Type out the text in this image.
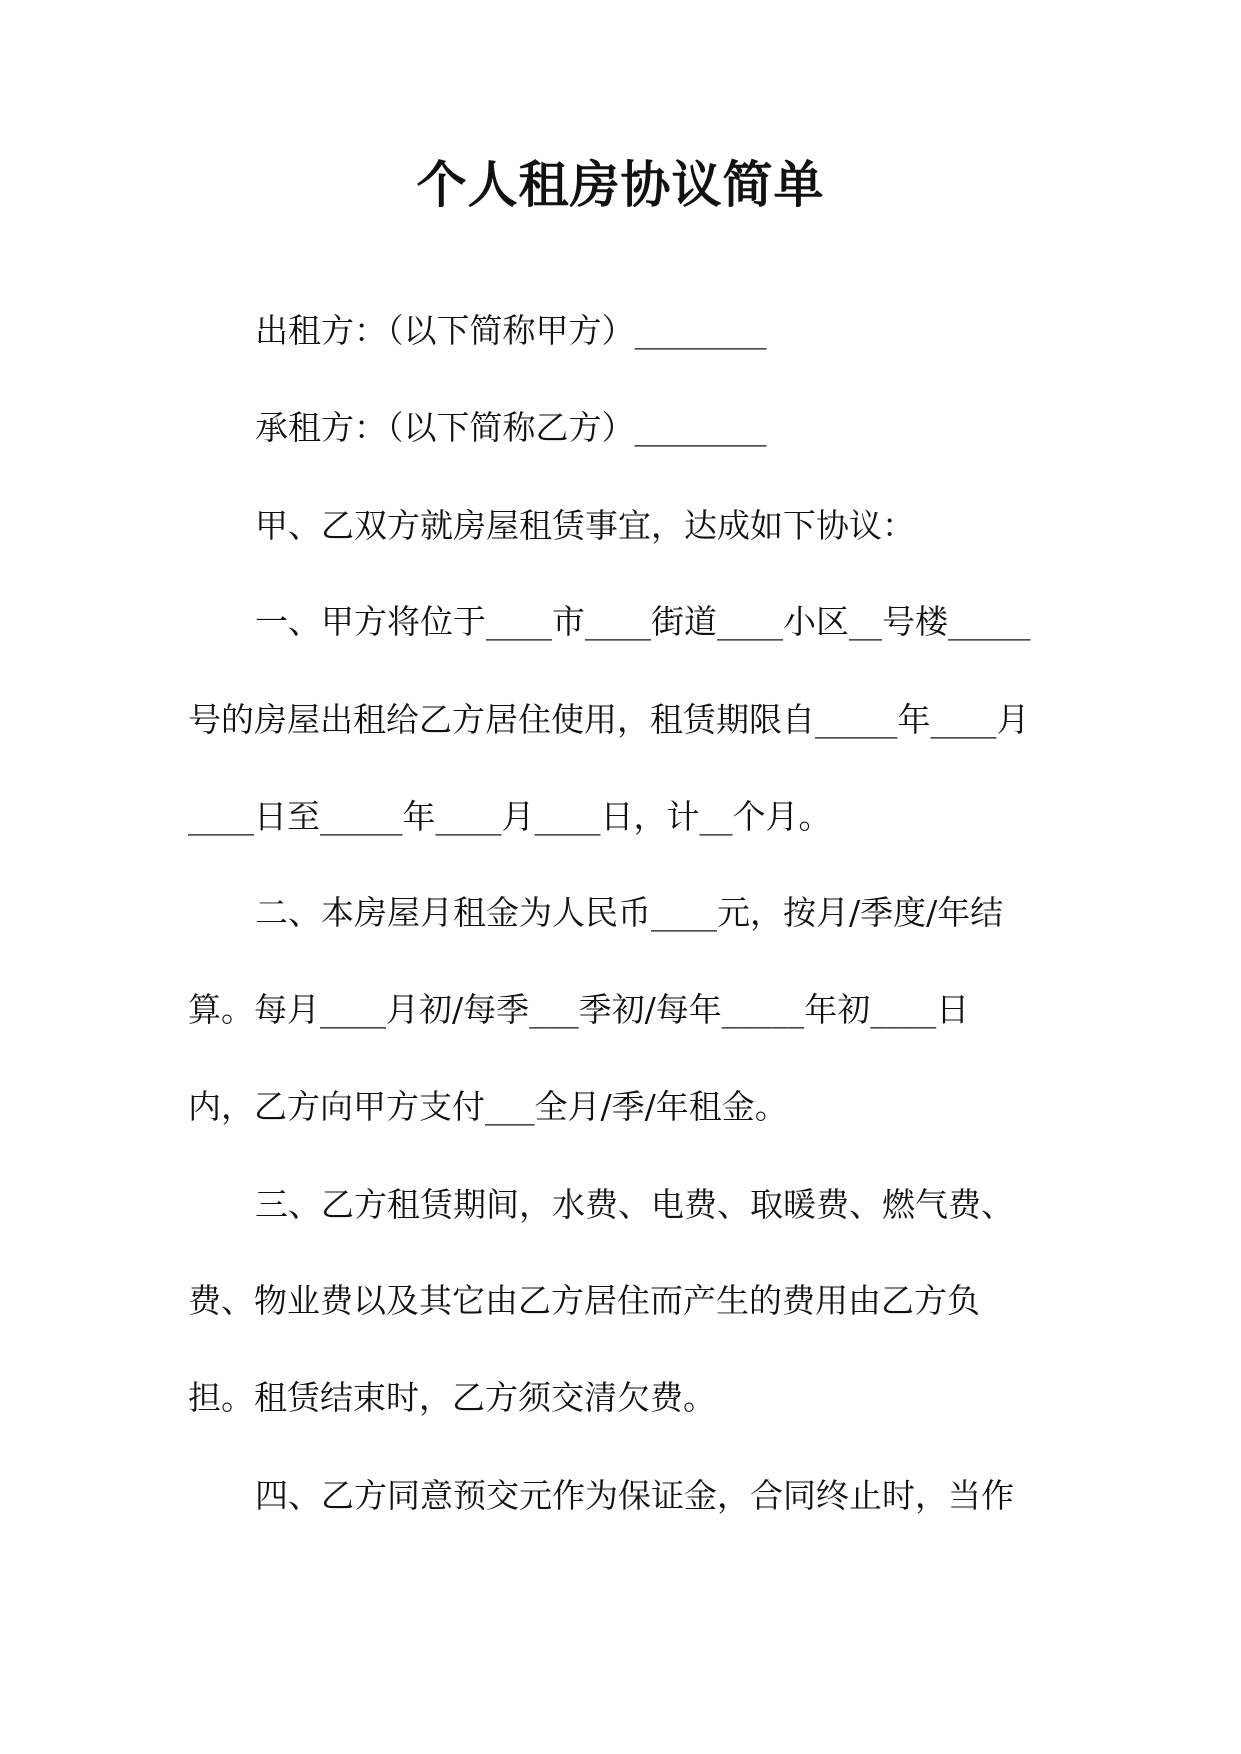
个人租房协议简单
出租方：（以下简称甲方）________
承租方：（以下简称乙方）________
甲、乙双方就房屋租赁事宜，达成如下协议：
一、甲方将位于____市____街道____小区__号楼_____
号的房屋出租给乙方居住使用，租赁期限自_____年____月
____日至_____年____月____日，计__个月。
二、本房屋月租金为人民币____元，按月/季度/年结
算。每月____月初/每季___季初/每年_____年初____日
内，乙方向甲方支付___全月/季/年租金。
三、乙方租赁期间，水费、电费、取暖费、燃气费、
费、物业费以及其它由乙方居住而产生的费用由乙方负
担。租赁结束时，乙方须交清欠费。
四、乙方同意预交元作为保证金，合同终止时，当作
